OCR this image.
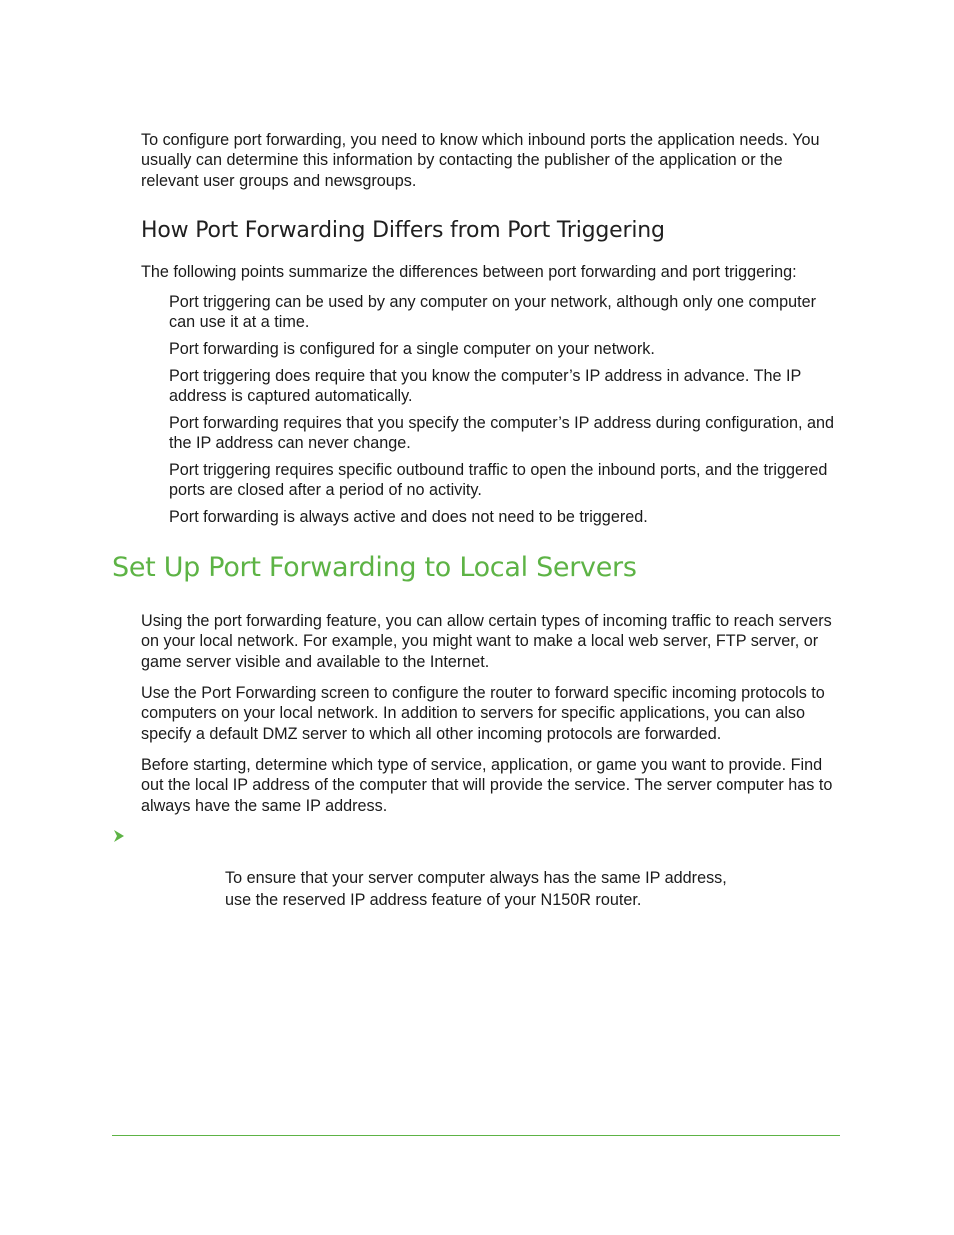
To configure port forwarding, you need to know which inbound ports the application needs. You usually can determine this information by contacting the publisher of the application or the relevant user groups and newsgroups.

How Port Forwarding Differs from Port Triggering

The following points summarize the differences between port forwarding and port triggering:

Port triggering can be used by any computer on your network, although only one computer can use it at a time.
Port forwarding is configured for a single computer on your network.
Port triggering does require that you know the computer’s IP address in advance. The IP address is captured automatically.
Port forwarding requires that you specify the computer’s IP address during configuration, and the IP address can never change.
Port triggering requires specific outbound traffic to open the inbound ports, and the triggered ports are closed after a period of no activity.
Port forwarding is always active and does not need to be triggered.
Set Up Port Forwarding to Local Servers

Using the port forwarding feature, you can allow certain types of incoming traffic to reach servers on your local network. For example, you might want to make a local web server, FTP server, or game server visible and available to the Internet.

Use the Port Forwarding screen to configure the router to forward specific incoming protocols to computers on your local network. In addition to servers for specific applications, you can also specify a default DMZ server to which all other incoming protocols are forwarded.

Before starting, determine which type of service, application, or game you want to provide. Find out the local IP address of the computer that will provide the service. The server computer has to always have the same IP address.

To ensure that your server computer always has the same IP address,
use the reserved IP address feature of your N150R router.
